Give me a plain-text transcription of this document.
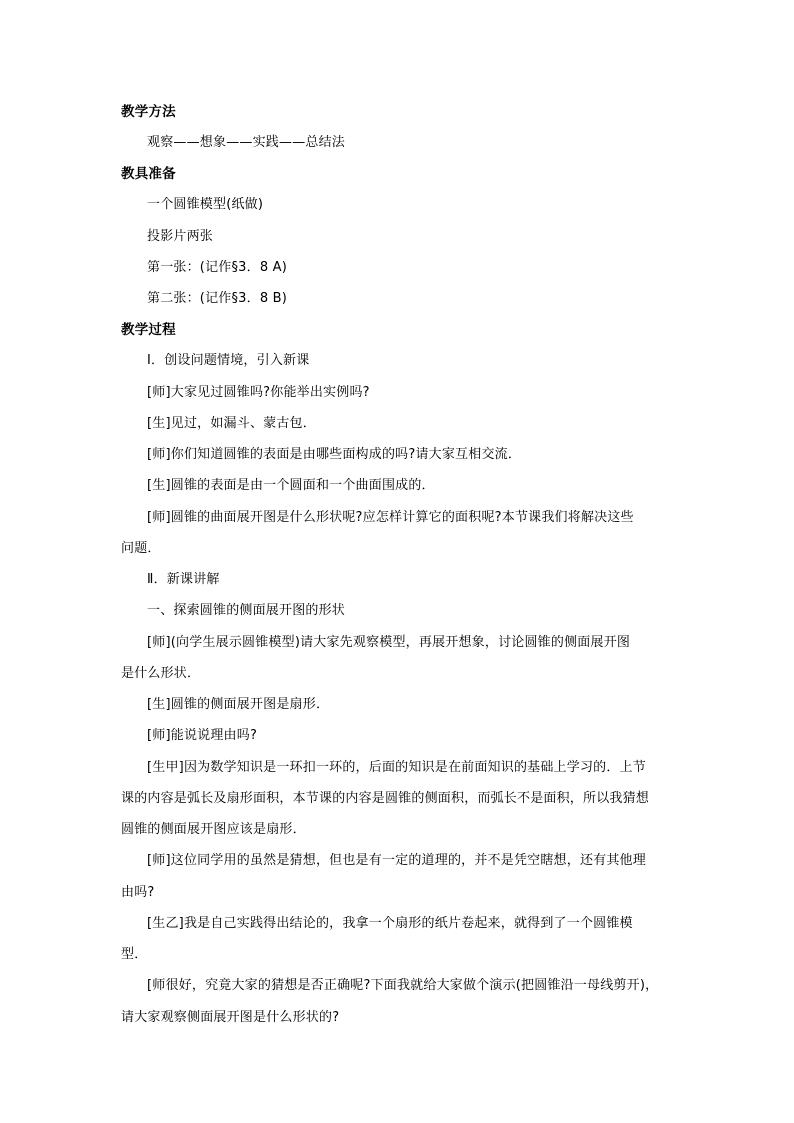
教学方法
观察——想象——实践——总结法
教具准备
一个圆锥模型(纸做)
投影片两张
第一张：(记作§3．8 A)
第二张：(记作§3．8 B)
教学过程
Ⅰ．创设问题情境，引入新课
[师]大家见过圆锥吗?你能举出实例吗?
[生]见过，如漏斗、蒙古包．
[师]你们知道圆锥的表面是由哪些面构成的吗?请大家互相交流．
[生]圆锥的表面是由一个圆面和一个曲面围成的．
[师]圆锥的曲面展开图是什么形状呢?应怎样计算它的面积呢?本节课我们将解决这些
问题．
Ⅱ．新课讲解
一、探索圆锥的侧面展开图的形状
[师](向学生展示圆锥模型)请大家先观察模型，再展开想象，讨论圆锥的侧面展开图
是什么形状．
[生]圆锥的侧面展开图是扇形．
[师]能说说理由吗?
[生甲]因为数学知识是一环扣一环的，后面的知识是在前面知识的基础上学习的．上节
课的内容是弧长及扇形面积，本节课的内容是圆锥的侧面积，而弧长不是面积，所以我猜想
圆锥的侧面展开图应该是扇形．
[师]这位同学用的虽然是猜想，但也是有一定的道理的，并不是凭空瞎想，还有其他理
由吗?
[生乙]我是自己实践得出结论的，我拿一个扇形的纸片卷起来，就得到了一个圆锥模
型．
[师很好，究竟大家的猜想是否正确呢?下面我就给大家做个演示(把圆锥沿一母线剪开)，
请大家观察侧面展开图是什么形状的?
